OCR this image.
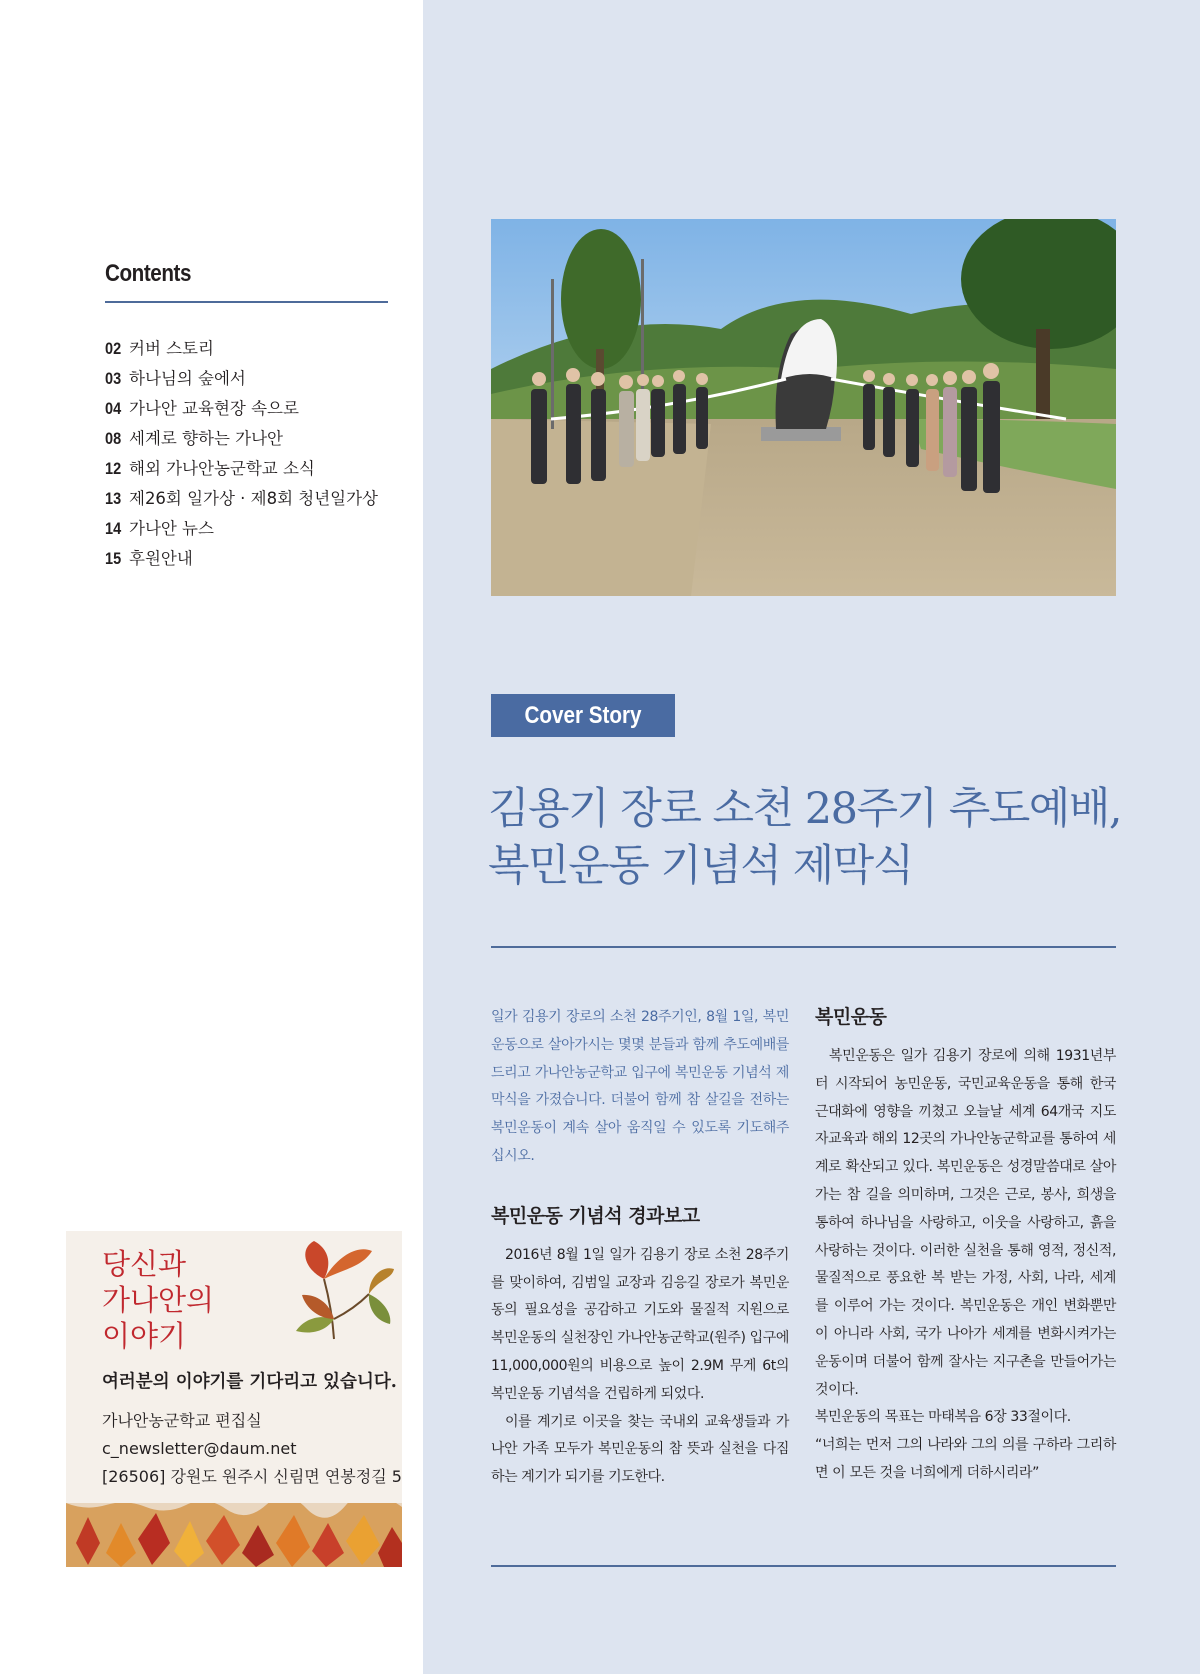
Contents
02 커버 스토리
03 하나님의 숲에서
04 가나안 교육현장 속으로
08 세계로 향하는 가나안
12 해외 가나안농군학교 소식
13 제26회 일가상 · 제8회 청년일가상
14 가나안 뉴스
15 후원안내
당신과
가나안의
이야기
여러분의 이야기를 기다리고 있습니다.
가나안농군학교 편집실
c_newsletter@daum.net
[26506] 강원도 원주시 신림면 연봉정길 5
Cover Story
김용기 장로 소천 28주기 추도예배,
복민운동 기념석 제막식
일가 김용기 장로의 소천 28주기인, 8월 1일, 복민운동으로 살아가시는 몇몇 분들과 함께 추도예배를 드리고 가나안농군학교 입구에 복민운동 기념석 제막식을 가졌습니다. 더불어 함께 참 살길을 전하는 복민운동이 계속 살아 움직일 수 있도록 기도해주십시오.
복민운동 기념석 경과보고
2016년 8월 1일 일가 김용기 장로 소천 28주기를 맞이하여, 김범일 교장과 김응길 장로가 복민운동의 필요성을 공감하고 기도와 물질적 지원으로 복민운동의 실천장인 가나안농군학교(원주) 입구에 11,000,000원의 비용으로 높이 2.9M 무게 6t의 복민운동 기념석을 건립하게 되었다.
이를 계기로 이곳을 찾는 국내외 교육생들과 가나안 가족 모두가 복민운동의 참 뜻과 실천을 다짐하는 계기가 되기를 기도한다.
복민운동
복민운동은 일가 김용기 장로에 의해 1931년부터 시작되어 농민운동, 국민교육운동을 통해 한국 근대화에 영향을 끼쳤고 오늘날 세계 64개국 지도자교육과 해외 12곳의 가나안농군학교를 통하여 세계로 확산되고 있다. 복민운동은 성경말씀대로 살아가는 참 길을 의미하며, 그것은 근로, 봉사, 희생을 통하여 하나님을 사랑하고, 이웃을 사랑하고, 흙을 사랑하는 것이다. 이러한 실천을 통해 영적, 정신적, 물질적으로 풍요한 복 받는 가정, 사회, 나라, 세계를 이루어 가는 것이다. 복민운동은 개인 변화뿐만이 아니라 사회, 국가 나아가 세계를 변화시켜가는 운동이며 더불어 함께 잘사는 지구촌을 만들어가는 것이다.
복민운동의 목표는 마태복음 6장 33절이다.
“너희는 먼저 그의 나라와 그의 의를 구하라 그리하면 이 모든 것을 너희에게 더하시리라”
